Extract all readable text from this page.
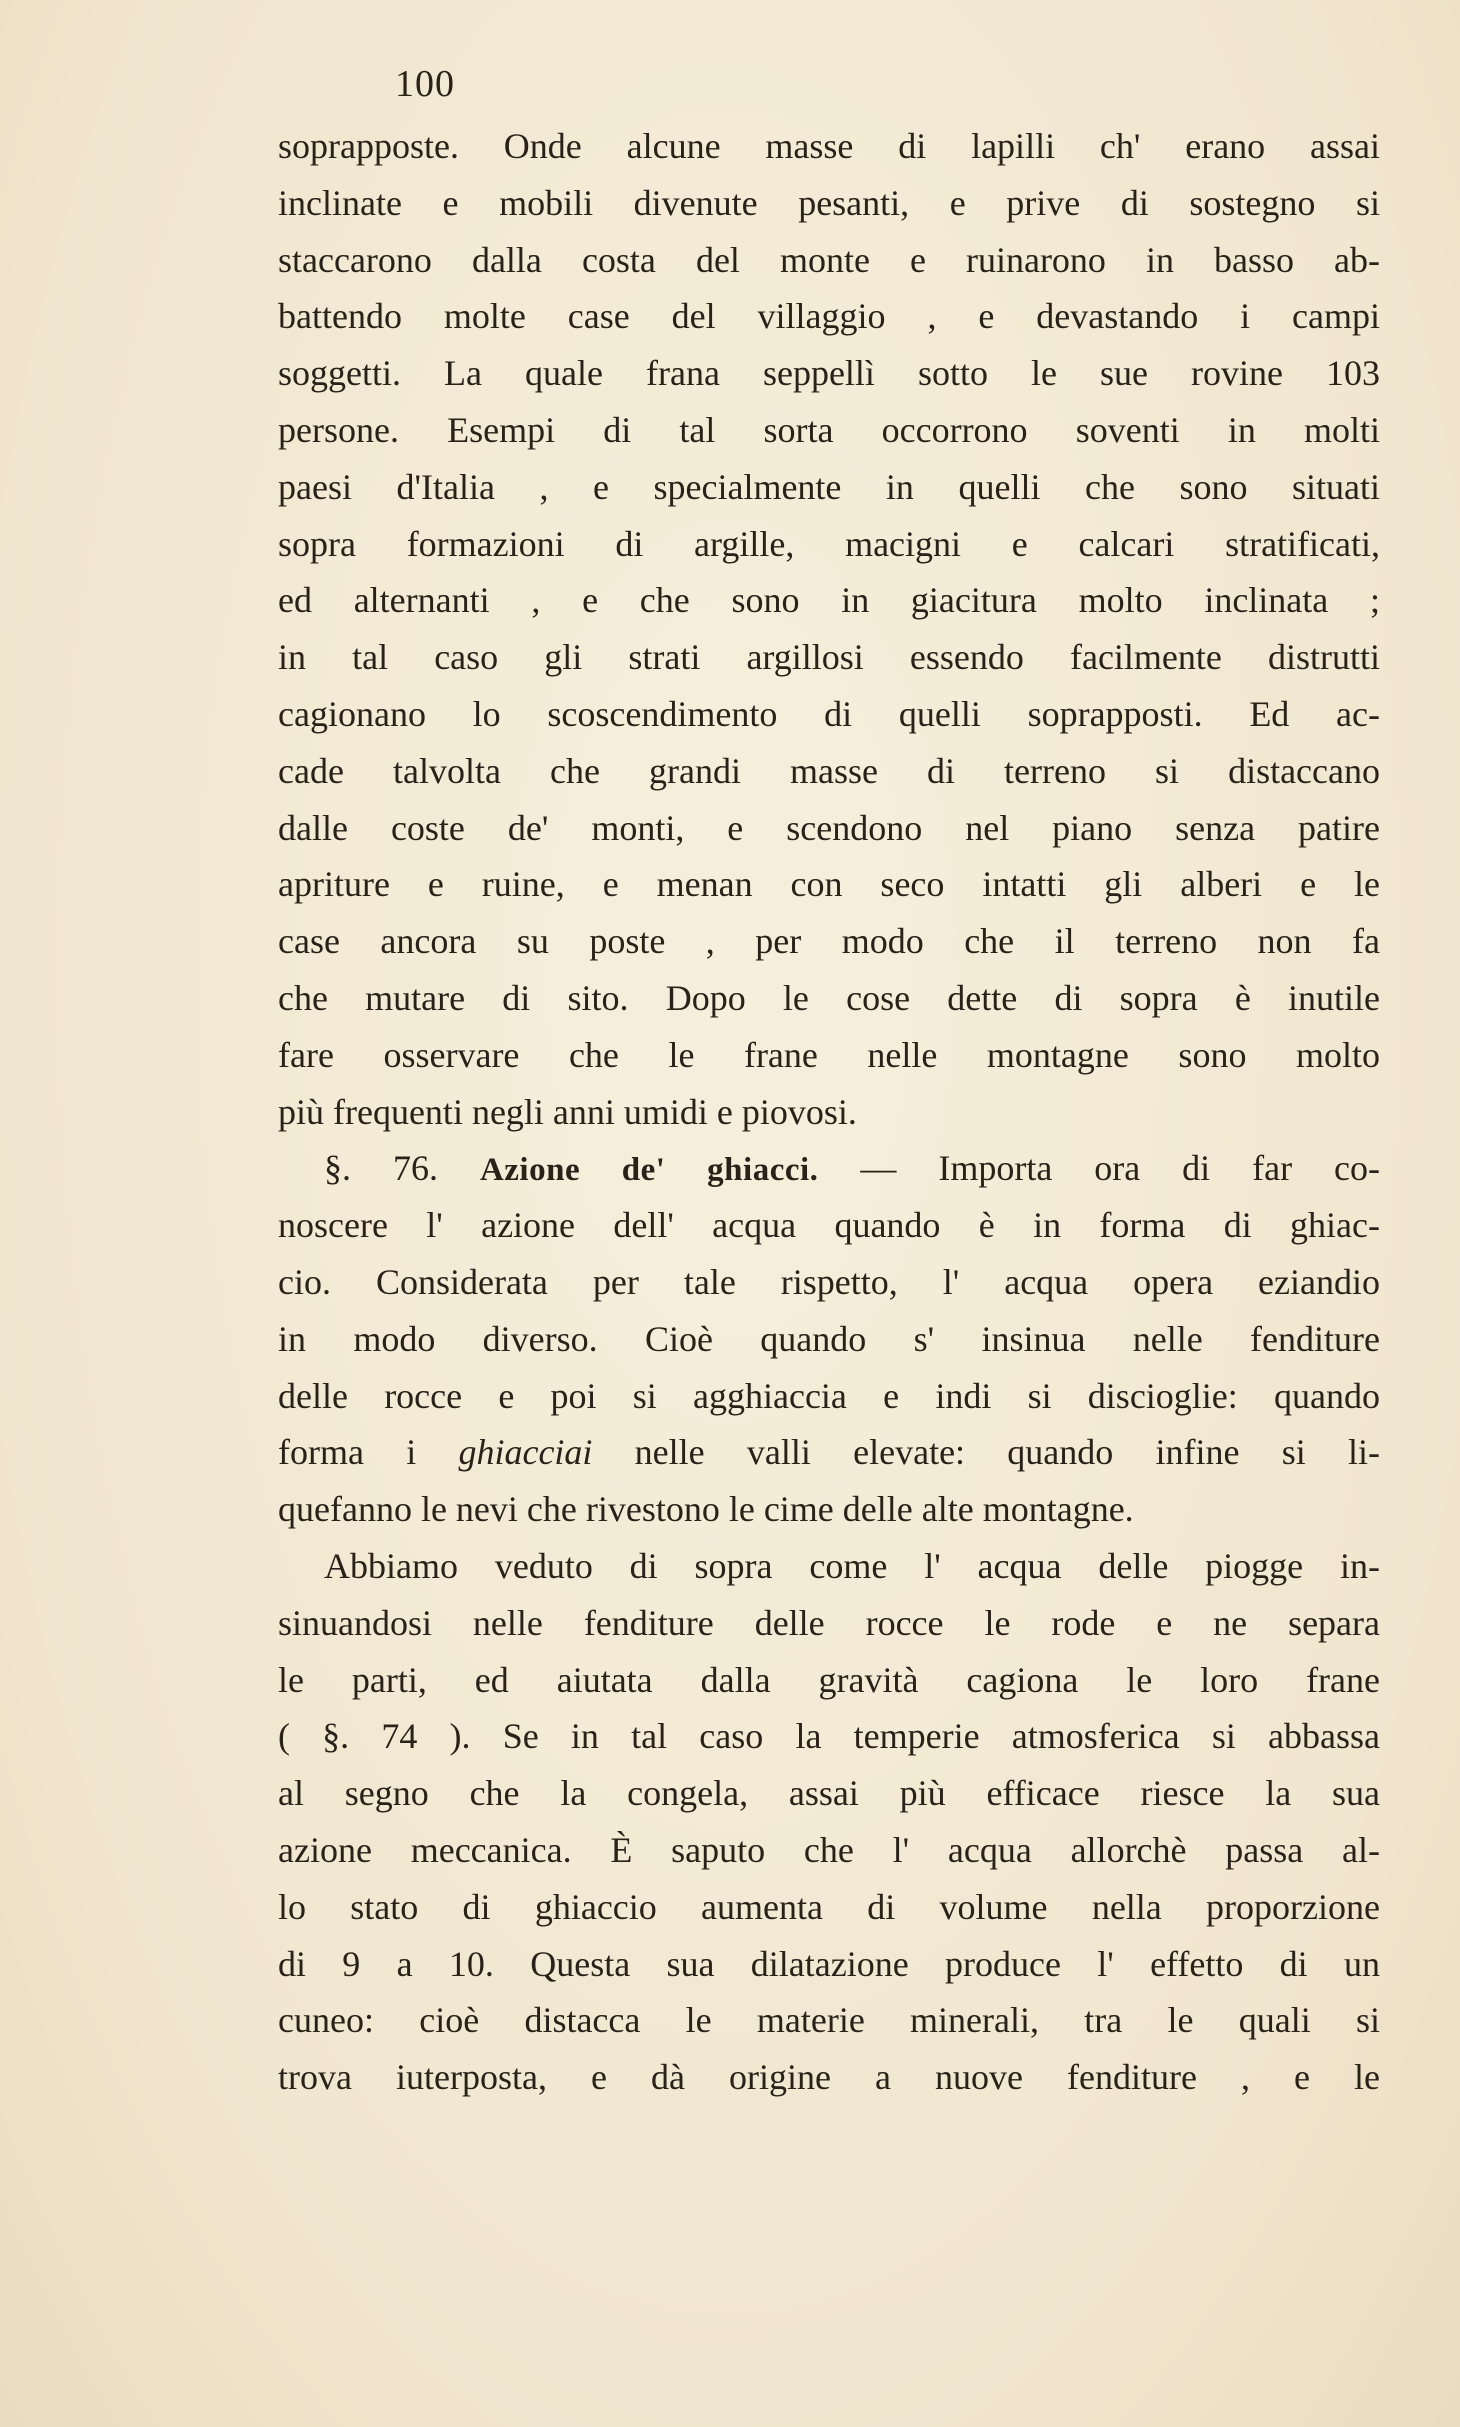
100
soprapposte. Onde alcune masse di lapilli ch' erano assai
inclinate e mobili divenute pesanti, e prive di sostegno si
staccarono dalla costa del monte e ruinarono in basso ab-
battendo molte case del villaggio , e devastando i campi
soggetti. La quale frana seppellì sotto le sue rovine 103
persone. Esempi di tal sorta occorrono soventi in molti
paesi d'Italia , e specialmente in quelli che sono situati
sopra formazioni di argille, macigni e calcari stratificati,
ed alternanti , e che sono in giacitura molto inclinata ;
in tal caso gli strati argillosi essendo facilmente distrutti
cagionano lo scoscendimento di quelli soprapposti. Ed ac-
cade talvolta che grandi masse di terreno si distaccano
dalle coste de' monti, e scendono nel piano senza patire
apriture e ruine, e menan con seco intatti gli alberi e le
case ancora su poste , per modo che il terreno non fa
che mutare di sito. Dopo le cose dette di sopra è inutile
fare osservare che le frane nelle montagne sono molto
più frequenti negli anni umidi e piovosi.
§. 76. Azione de' ghiacci. — Importa ora di far co-
noscere l' azione dell' acqua quando è in forma di ghiac-
cio. Considerata per tale rispetto, l' acqua opera eziandio
in modo diverso. Cioè quando s' insinua nelle fenditure
delle rocce e poi si agghiaccia e indi si discioglie: quando
forma i ghiacciai nelle valli elevate: quando infine si li-
quefanno le nevi che rivestono le cime delle alte montagne.
Abbiamo veduto di sopra come l' acqua delle piogge in-
sinuandosi nelle fenditure delle rocce le rode e ne separa
le parti, ed aiutata dalla gravità cagiona le loro frane
( §. 74 ). Se in tal caso la temperie atmosferica si abbassa
al segno che la congela, assai più efficace riesce la sua
azione meccanica. È saputo che l' acqua allorchè passa al-
lo stato di ghiaccio aumenta di volume nella proporzione
di 9 a 10. Questa sua dilatazione produce l' effetto di un
cuneo: cioè distacca le materie minerali, tra le quali si
trova iuterposta, e dà origine a nuove fenditure , e le
